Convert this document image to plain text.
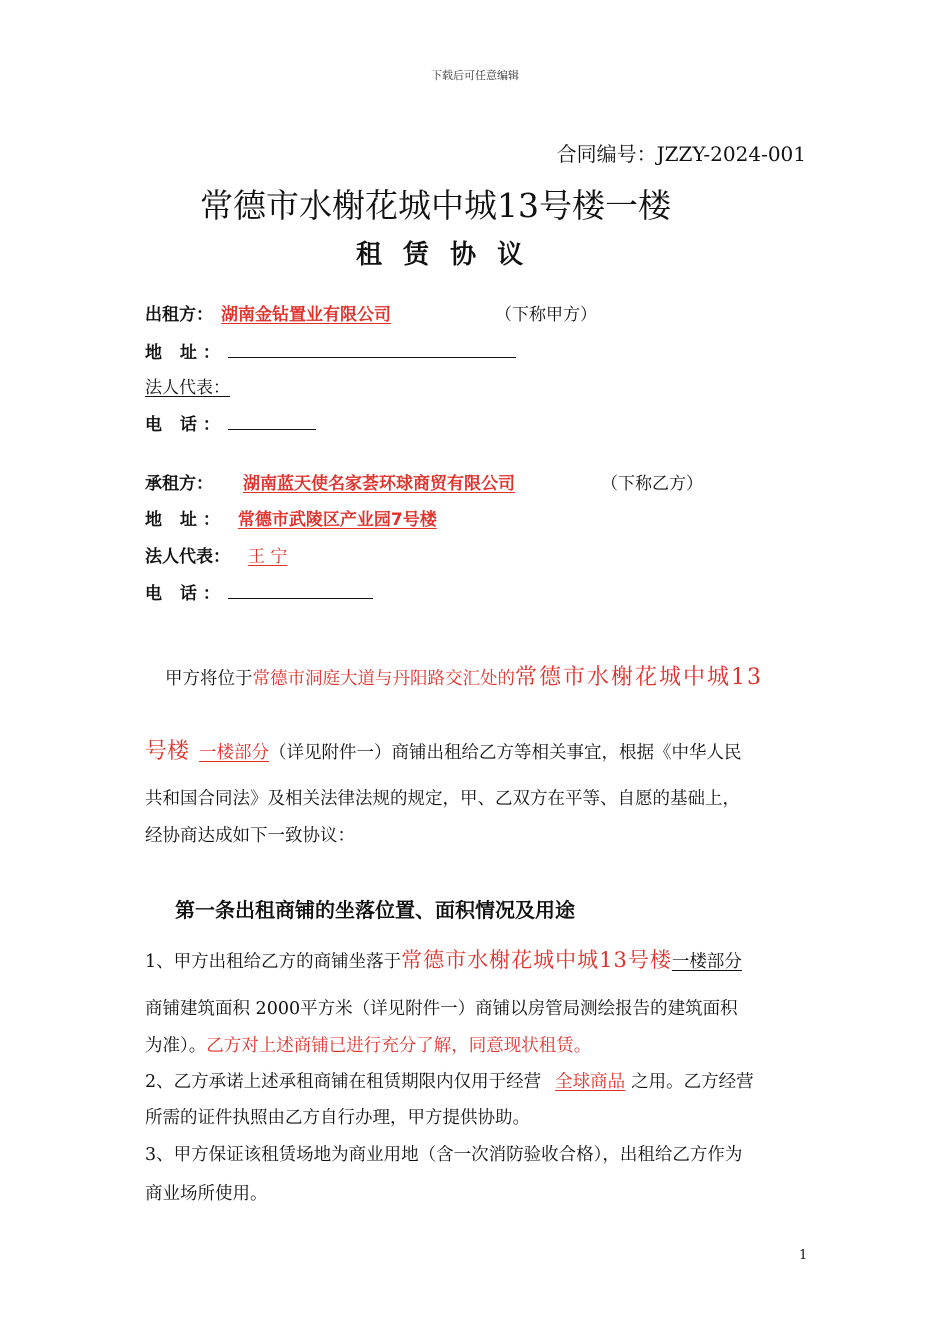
下载后可任意编辑
合同编号：JZZY-2024-001
常德市水榭花城中城13号楼一楼
租 赁 协 议
出租方： 湖南金钻置业有限公司	（下称甲方）
地 址：
法人代表：
电 话：
承租方： 湖南蓝天使名家荟环球商贸有限公司	（下称乙方）
地 址： 常德市武陵区产业园7号楼
法人代表： 王 宁
电 话：
甲方将位于常德市洞庭大道与丹阳路交汇处的常德市水榭花城中城13
号楼 一楼部分（详见附件一）商铺出租给乙方等相关事宜，根据《中华人民
共和国合同法》及相关法律法规的规定，甲、乙双方在平等、自愿的基础上，
经协商达成如下一致协议：
第一条出租商铺的坐落位置、面积情况及用途
1、甲方出租给乙方的商铺坐落于常德市水榭花城中城13号楼一楼部分
商铺建筑面积 2000平方米（详见附件一）商铺以房管局测绘报告的建筑面积
为准）。乙方对上述商铺已进行充分了解，同意现状租赁。
2、乙方承诺上述承租商铺在租赁期限内仅用于经营 全球商品 之用。乙方经营
所需的证件执照由乙方自行办理，甲方提供协助。
3、甲方保证该租赁场地为商业用地（含一次消防验收合格），出租给乙方作为
商业场所使用。
1
